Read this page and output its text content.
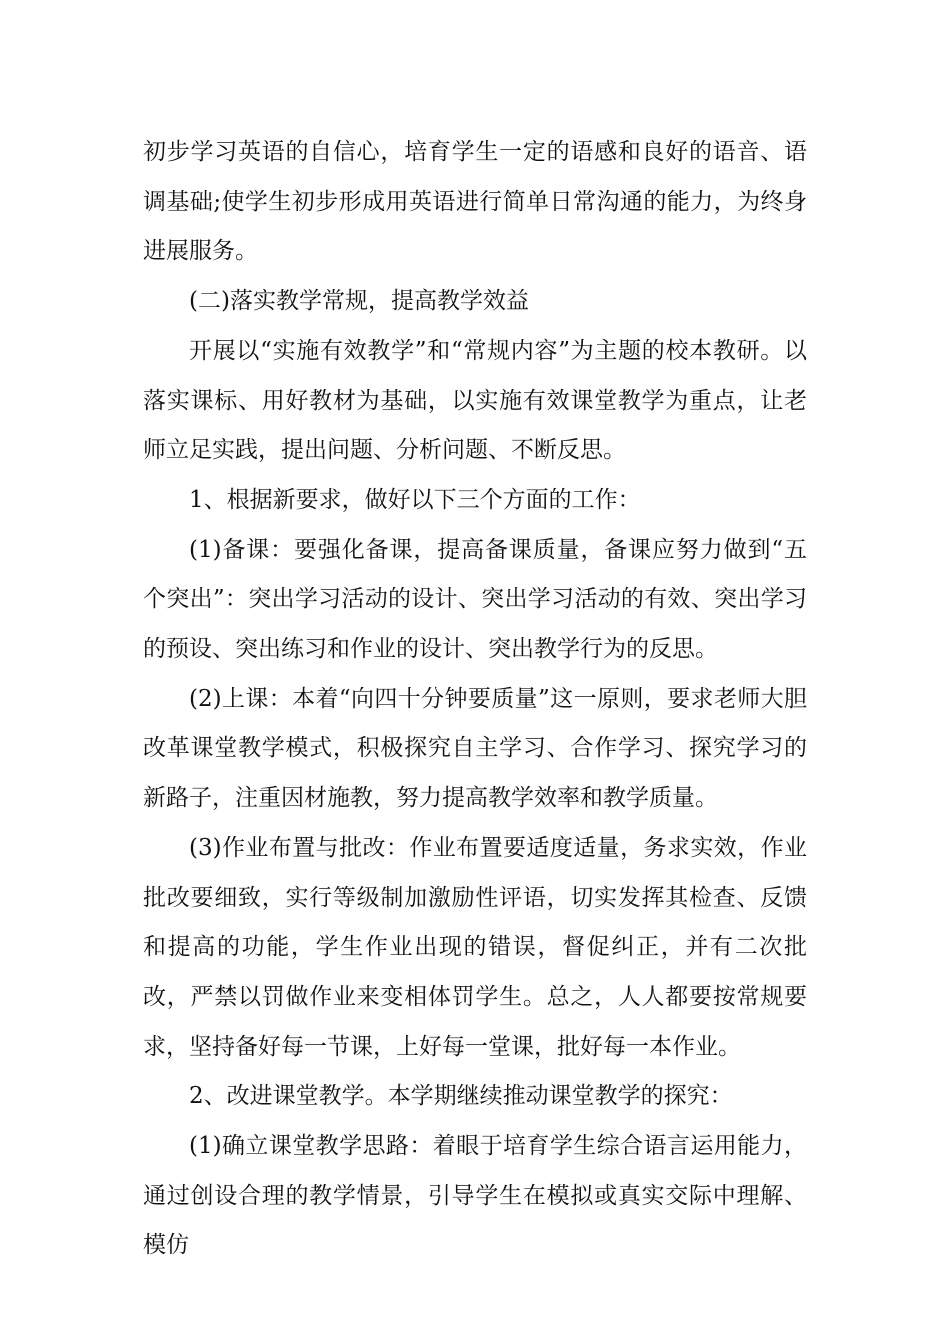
初步学习英语的自信心，培育学生一定的语感和良好的语音、语调基础;使学生初步形成用英语进行简单日常沟通的能力，为终身进展服务。

(二)落实教学常规，提高教学效益

开展以“实施有效教学”和“常规内容”为主题的校本教研。以落实课标、用好教材为基础，以实施有效课堂教学为重点，让老师立足实践，提出问题、分析问题、不断反思。

1、根据新要求，做好以下三个方面的工作：

(1)备课：要强化备课，提高备课质量，备课应努力做到“五个突出”：突出学习活动的设计、突出学习活动的有效、突出学习的预设、突出练习和作业的设计、突出教学行为的反思。

(2)上课：本着“向四十分钟要质量”这一原则，要求老师大胆改革课堂教学模式，积极探究自主学习、合作学习、探究学习的新路子，注重因材施教，努力提高教学效率和教学质量。

(3)作业布置与批改：作业布置要适度适量，务求实效，作业批改要细致，实行等级制加激励性评语，切实发挥其检查、反馈和提高的功能，学生作业出现的错误，督促纠正，并有二次批改，严禁以罚做作业来变相体罚学生。总之，人人都要按常规要求，坚持备好每一节课，上好每一堂课，批好每一本作业。

2、改进课堂教学。本学期继续推动课堂教学的探究：

(1)确立课堂教学思路：着眼于培育学生综合语言运用能力，通过创设合理的教学情景，引导学生在模拟或真实交际中理解、模仿
